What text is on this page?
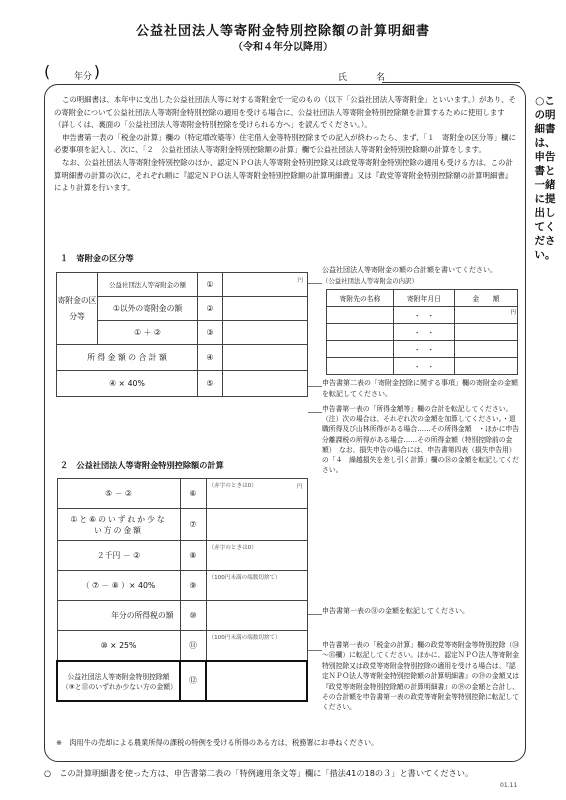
公益社団法人等寄附金特別控除額の計算明細書
（令和４年分以降用）
(	年分 )	氏　名

この明細書は、本年中に支出した公益社団法人等に対する寄附金で一定のもの（以下「公益社団法人等寄附金」といいます。）があり、その寄附金について公益社団法人等寄附金特別控除の適用を受ける場合に、公益社団法人等寄附金特別控除額を計算するために使用します（詳しくは、裏面の「公益社団法人等寄附金特別控除を受けられる方へ」を読んでください。）。

申告書第一表の「税金の計算」欄の（特定増改築等）住宅借入金等特別控除までの記入が終わったら、まず、「１　寄附金の区分等」欄に必要事項を記入し、次に、「２　公益社団法人等寄附金特別控除額の計算」欄で公益社団法人等寄附金特別控除額の計算をします。

なお、公益社団法人等寄附金特別控除のほか、認定ＮＰＯ法人等寄附金特別控除又は政党等寄附金特別控除の適用も受ける方は、この計算明細書の計算の次に、それぞれ順に『認定ＮＰＯ法人等寄附金特別控除額の計算明細書』又は『政党等寄附金特別控除額の計算明細書』により計算を行います。

１　寄附金の区分等
寄附金の区分等	公益社団法人等寄附金の額	①	円

	①以外の寄附金の額	②	
	① ＋ ②	③	
所 得 金 額 の 合 計 額		④	
④ × 40%		⑤	
公益社団法人等寄附金の額の合計額を書いてください。
（公益社団法人等寄附金の内訳）
寄附先の名称	寄附年月日	金　　額
	・　・	円
	・　・	
	・　・	
	・　・	
申告書第二表の「寄附金控除に関する事項」欄の寄附金の金額を転記してください。
申告書第一表の「所得金額等」欄の合計を転記してください。（注）次の場合は、それぞれ次の金額を加算してください。・退職所得及び山林所得がある場合……その所得金額　・ほかに申告分離課税の所得がある場合……その所得金額（特別控除前の金額）　なお、損失申告の場合には、申告書第四表（損失申告用）の「４　繰越損失を差し引く計算」欄の⑱の金額を転記してください。
２　公益社団法人等寄附金特別控除額の計算
⑤ － ②	⑥	（赤字のときは0） 円

①と⑥のいずれか少ない方の金額	⑦	
２千円 － ②	⑧	（赤字のときは0）

（ ⑦ － ⑧ ）× 40%	⑨	（100円未満の端数切捨て）

年分の所得税の額	⑩	
⑩ × 25%	⑪	（100円未満の端数切捨て）

公益社団法人等寄附金特別控除額（⑨と⑪のいずれか少ない方の金額）	⑫	
申告書第一表の㉛の金額を転記してください。
申告書第一表の「税金の計算」欄の政党等寄附金等特別控除（㉞～㉟欄）に転記してください。ほかに、認定ＮＰＯ法人等寄附金特別控除又は政党等寄附金特別控除の適用を受ける場合は、『認定ＮＰＯ法人等寄附金特別控除額の計算明細書』の⑲の金額又は『政党等寄附金特別控除額の計算明細書』の⑲の金額と合計し、その合計額を申告書第一表の政党等寄附金等特別控除に転記してください。
※　肉用牛の売却による農業所得の課税の特例を受ける所得のある方は、税務署にお尋ねください。
○この明細書は、申告書と一緒に提出してください。
○　この計算明細書を使った方は、申告書第二表の「特例適用条文等」欄に「措法41の18の３」と書いてください。
01.11
